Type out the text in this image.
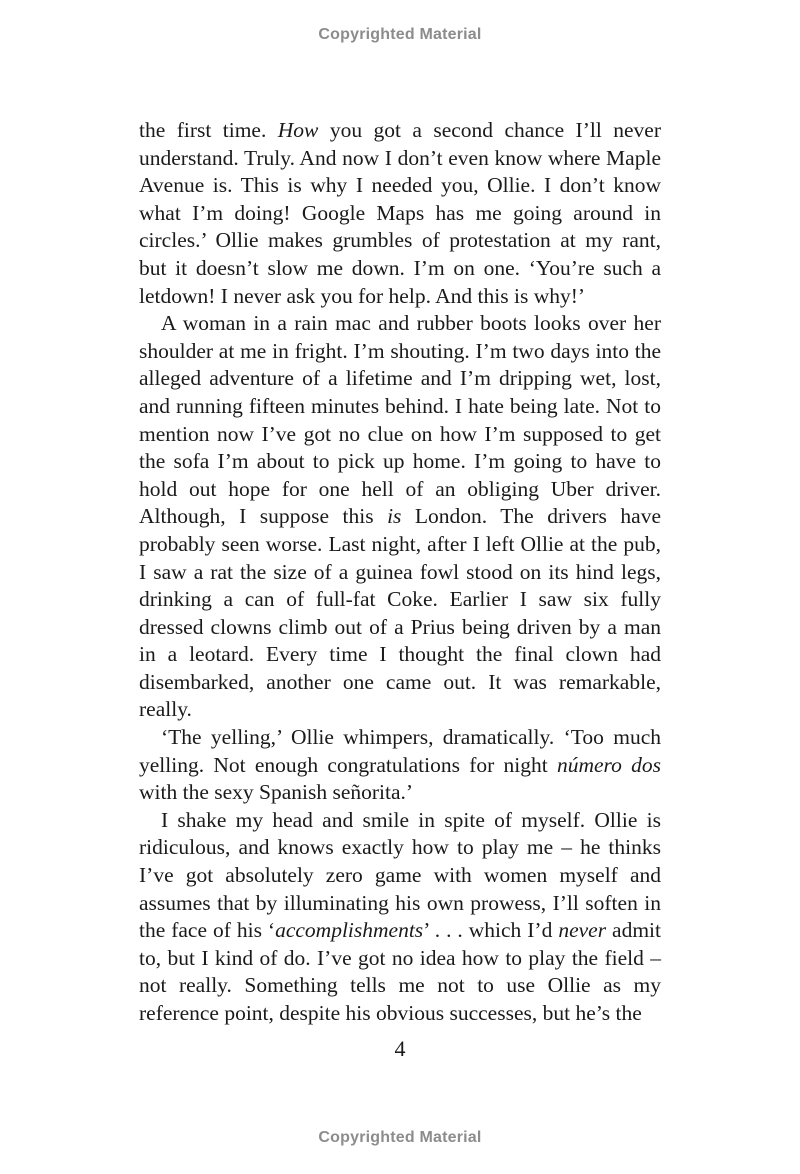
Copyrighted Material

the first time. How you got a second chance I’ll never understand. Truly. And now I don’t even know where Maple Avenue is. This is why I needed you, Ollie. I don’t know what I’m doing! Google Maps has me going around in circles.’ Ollie makes grumbles of protestation at my rant, but it doesn’t slow me down. I’m on one. ‘You’re such a letdown! I never ask you for help. And this is why!’

A woman in a rain mac and rubber boots looks over her shoulder at me in fright. I’m shouting. I’m two days into the alleged adventure of a lifetime and I’m dripping wet, lost, and running fifteen minutes behind. I hate being late. Not to mention now I’ve got no clue on how I’m supposed to get the sofa I’m about to pick up home. I’m going to have to hold out hope for one hell of an obliging Uber driver. Although, I suppose this is London. The drivers have probably seen worse. Last night, after I left Ollie at the pub, I saw a rat the size of a guinea fowl stood on its hind legs, drinking a can of full-fat Coke. Earlier I saw six fully dressed clowns climb out of a Prius being driven by a man in a leotard. Every time I thought the final clown had disembarked, another one came out. It was remarkable, really.

‘The yelling,’ Ollie whimpers, dramatically. ‘Too much yelling. Not enough congratulations for night número dos with the sexy Spanish señorita.’

I shake my head and smile in spite of myself. Ollie is ridiculous, and knows exactly how to play me – he thinks I’ve got absolutely zero game with women myself and assumes that by illuminating his own prowess, I’ll soften in the face of his ‘accomplishments’ . . . which I’d never admit to, but I kind of do. I’ve got no idea how to play the field – not really. Something tells me not to use Ollie as my reference point, despite his obvious successes, but he’s the

4
Copyrighted Material
